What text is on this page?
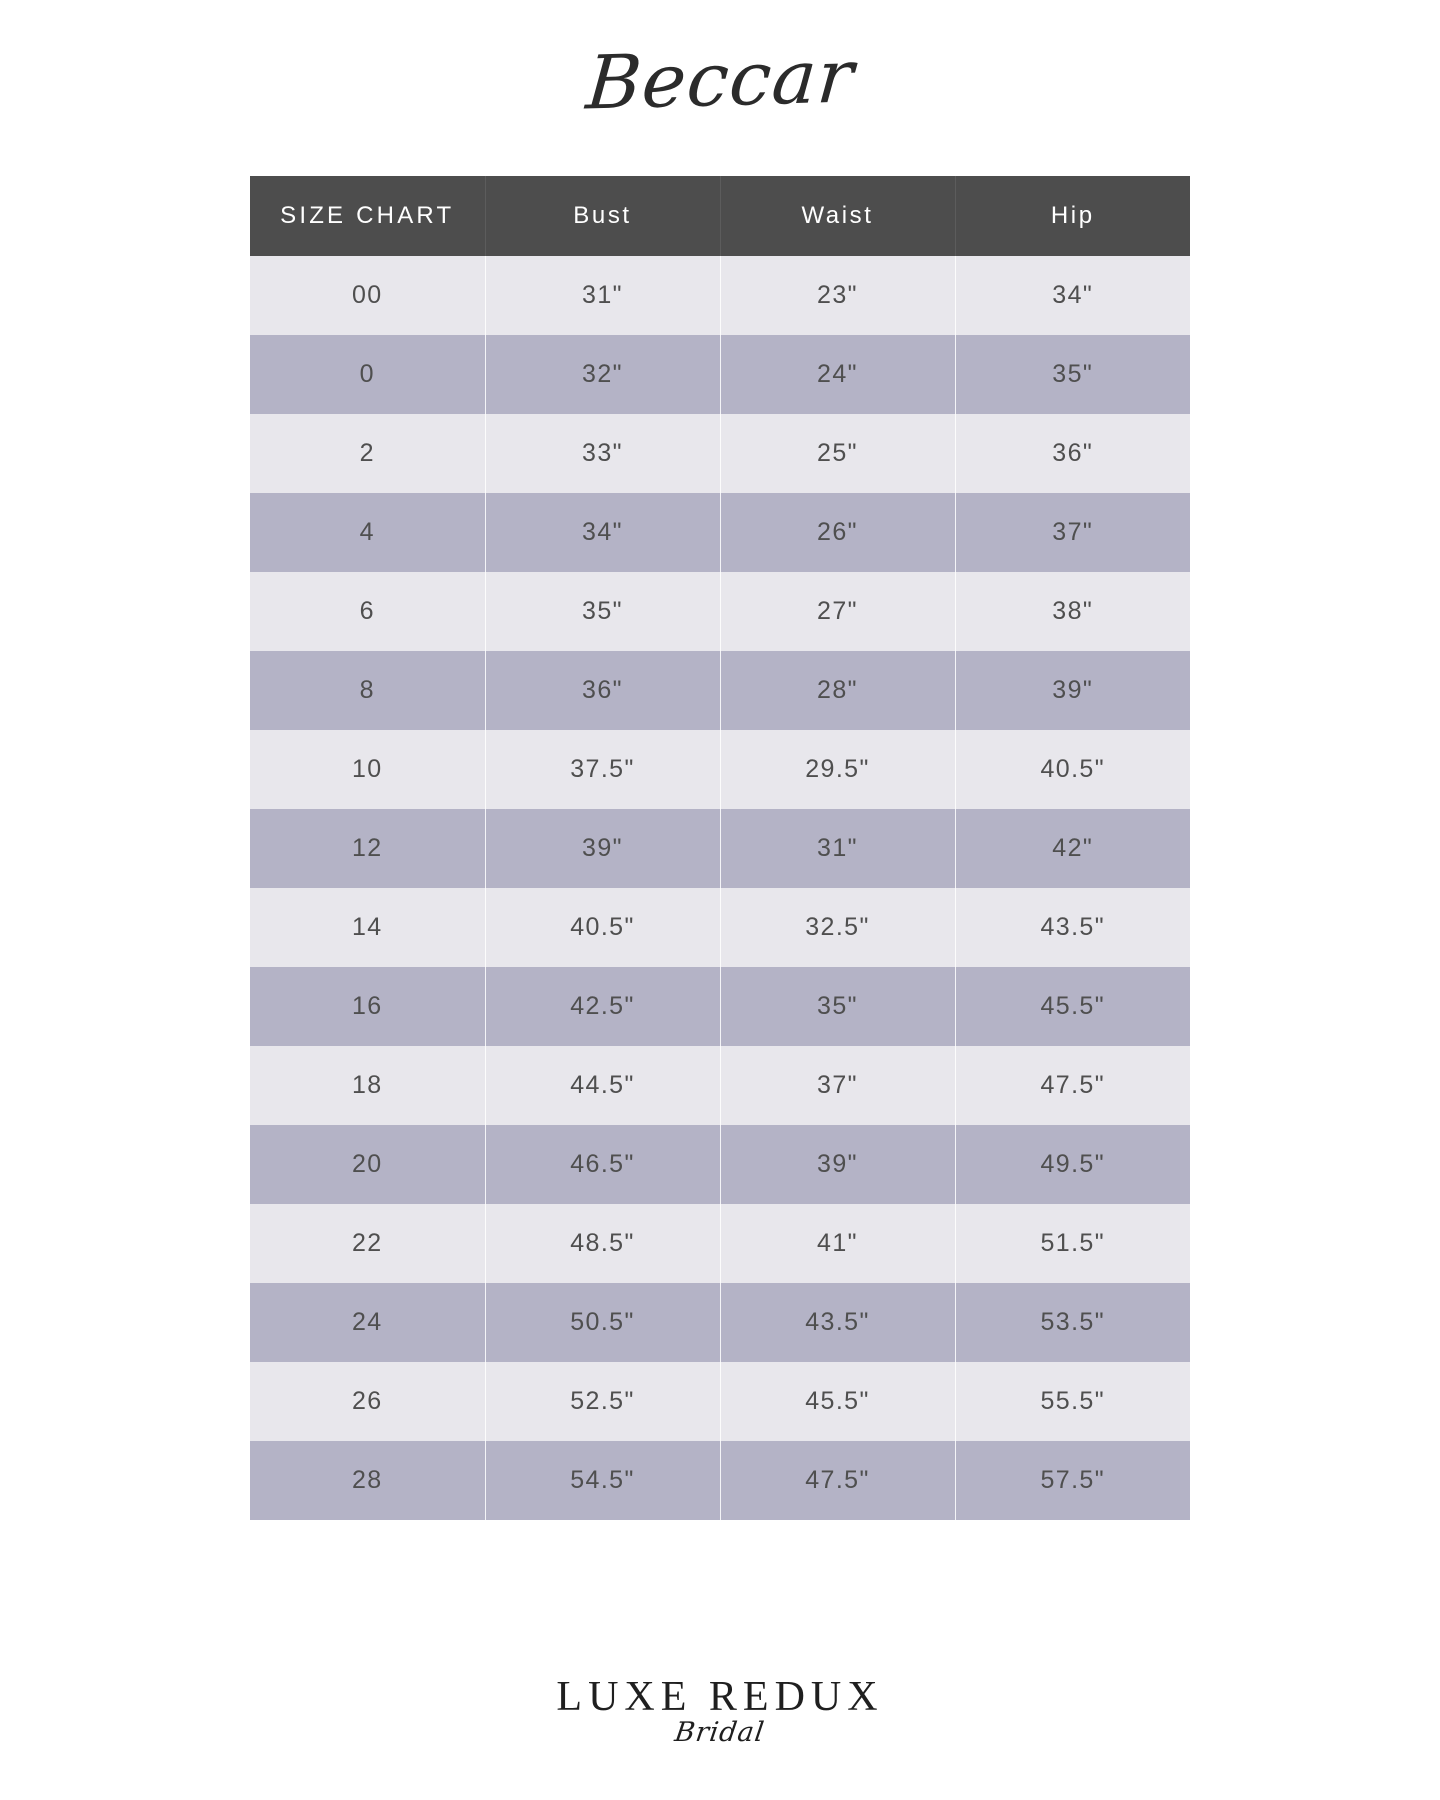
Beccar
SIZE CHART	Bust	Waist	Hip
00	31"	23"	34"
0	32"	24"	35"
2	33"	25"	36"
4	34"	26"	37"
6	35"	27"	38"
8	36"	28"	39"
10	37.5"	29.5"	40.5"
12	39"	31"	42"
14	40.5"	32.5"	43.5"
16	42.5"	35"	45.5"
18	44.5"	37"	47.5"
20	46.5"	39"	49.5"
22	48.5"	41"	51.5"
24	50.5"	43.5"	53.5"
26	52.5"	45.5"	55.5"
28	54.5"	47.5"	57.5"
LUXE REDUX
Bridal
